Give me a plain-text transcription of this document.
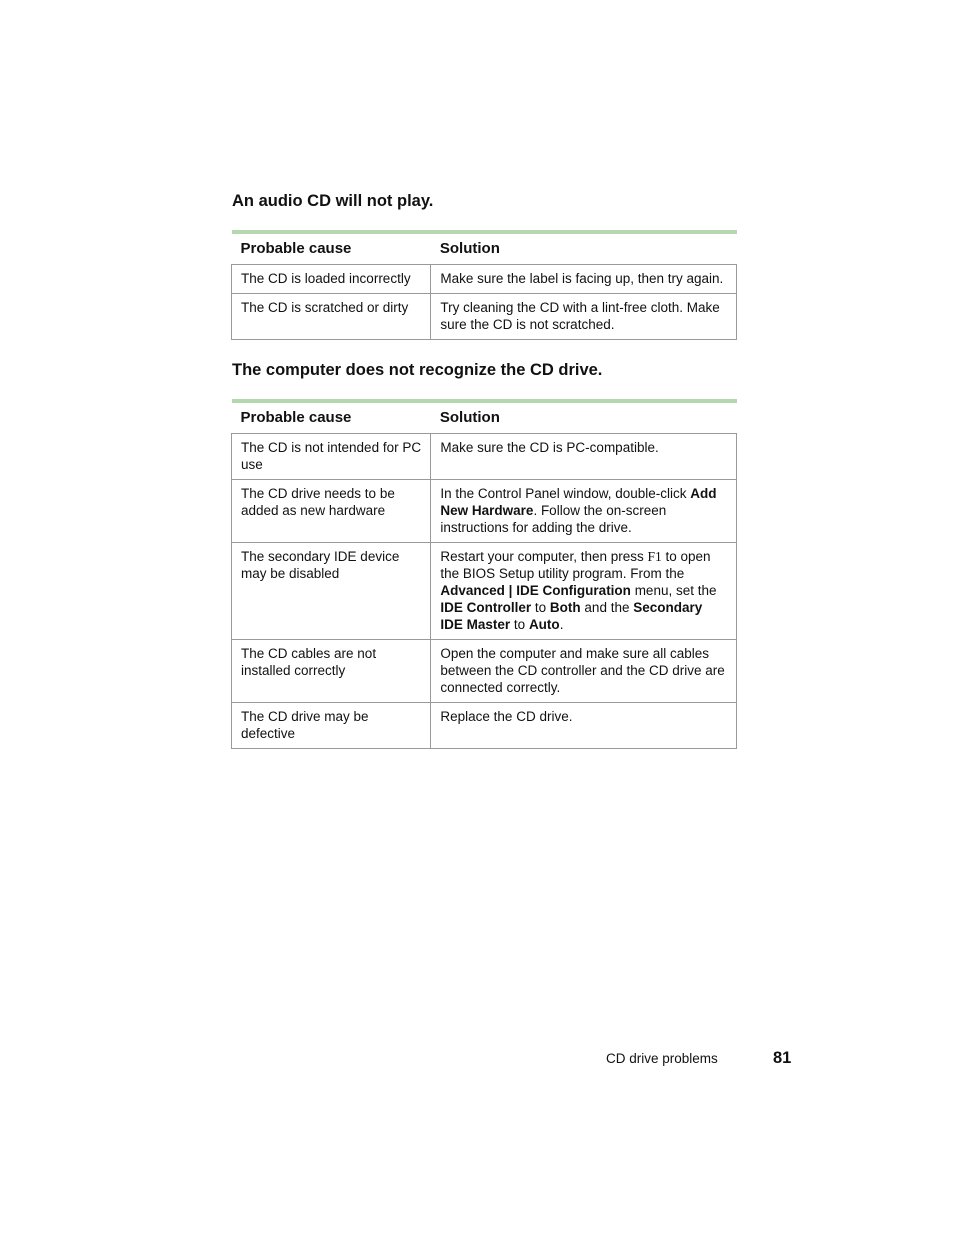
An audio CD will not play.
Probable cause	Solution
The CD is loaded incorrectly	Make sure the label is facing up, then try again.
The CD is scratched or dirty	Try cleaning the CD with a lint-free cloth. Make sure the CD is not scratched.
The computer does not recognize the CD drive.
Probable cause	Solution
The CD is not intended for PC use	Make sure the CD is PC-compatible.
The CD drive needs to be added as new hardware	In the Control Panel window, double-click Add New Hardware. Follow the on-screen instructions for adding the drive.
The secondary IDE device may be disabled	Restart your computer, then press F1 to open the BIOS Setup utility program. From the Advanced | IDE Configuration menu, set the IDE Controller to Both and the Secondary IDE Master to Auto.
The CD cables are not installed correctly	Open the computer and make sure all cables between the CD controller and the CD drive are connected correctly.
The CD drive may be defective	Replace the CD drive.
CD drive problems	81
